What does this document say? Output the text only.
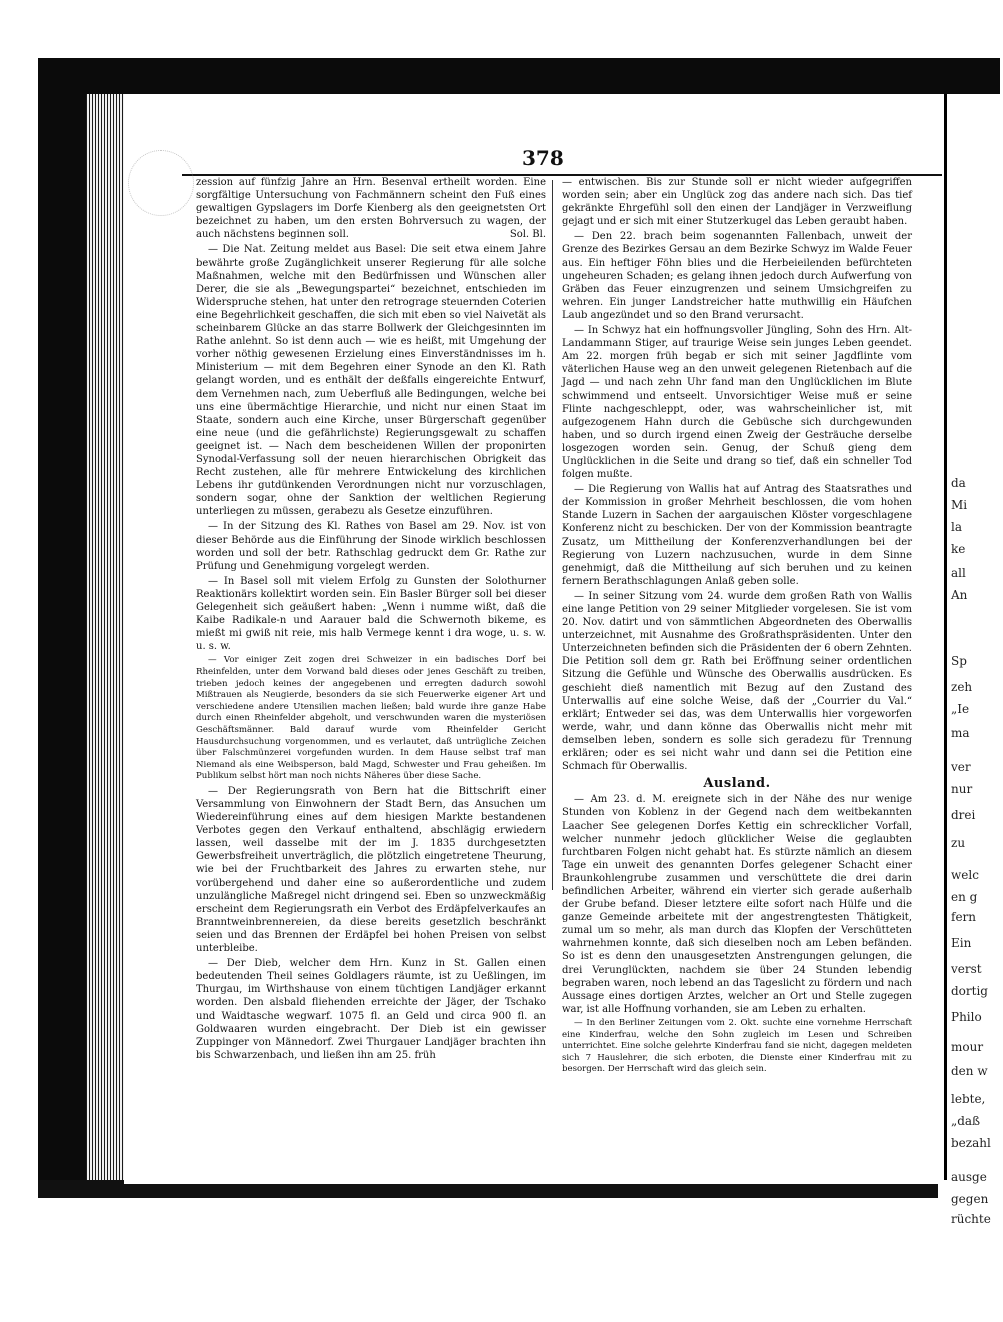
378

zession auf fünfzig Jahre an Hrn. Besenval ertheilt worden. Eine sorgfältige Untersuchung von Fachmännern scheint den Fuß eines gewaltigen Gypslagers im Dorfe Kienberg als den geeignetsten Ort bezeichnet zu haben, um den ersten Bohrversuch zu wagen, der auch nächstens beginnen soll.	Sol. Bl.

— Die Nat. Zeitung meldet aus Basel: Die seit etwa einem Jahre bewährte große Zugänglichkeit unserer Regierung für alle solche Maßnahmen, welche mit den Bedürfnissen und Wünschen aller Derer, die sie als „Bewegungspartei“ bezeichnet, entschieden im Widerspruche stehen, hat unter den retrograge steuernden Coterien eine Begehrlichkeit geschaffen, die sich mit eben so viel Naivetät als scheinbarem Glücke an das starre Bollwerk der Gleichgesinnten im Rathe anlehnt. So ist denn auch — wie es heißt, mit Umgehung der vorher nöthig gewesenen Erzielung eines Einverständnisses im h. Ministerium — mit dem Begehren einer Synode an den Kl. Rath gelangt worden, und es enthält der deßfalls eingereichte Entwurf, dem Vernehmen nach, zum Ueberfluß alle Bedingungen, welche bei uns eine übermächtige Hierarchie, und nicht nur einen Staat im Staate, sondern auch eine Kirche, unser Bürgerschaft gegenüber eine neue (und die gefährlichste) Regierungsgewalt zu schaffen geeignet ist. — Nach dem bescheidenen Willen der proponirten Synodal-Verfassung soll der neuen hierarchischen Obrigkeit das Recht zustehen, alle für mehrere Entwickelung des kirchlichen Lebens ihr gutdünkenden Verordnungen nicht nur vorzuschlagen, sondern sogar, ohne der Sanktion der weltlichen Regierung unterliegen zu müssen, gerabezu als Gesetze einzuführen.

— In der Sitzung des Kl. Rathes von Basel am 29. Nov. ist von dieser Behörde aus die Einführung der Sinode wirklich beschlossen worden und soll der betr. Rathschlag gedruckt dem Gr. Rathe zur Prüfung und Genehmigung vorgelegt werden.

— In Basel soll mit vielem Erfolg zu Gunsten der Solothurner Reaktionärs kollektirt worden sein. Ein Basler Bürger soll bei dieser Gelegenheit sich geäußert haben: „Wenn i numme wißt, daß die Kaibe Radikale-n und Aarauer bald die Schwernoth bikeme, es mießt mi gwiß nit reie, mis halb Vermege kennt i dra woge, u. s. w. u. s. w.

— Vor einiger Zeit zogen drei Schweizer in ein badisches Dorf bei Rheinfelden, unter dem Vorwand bald dieses oder jenes Geschäft zu treiben, trieben jedoch keines der angegebenen und erregten dadurch sowohl Mißtrauen als Neugierde, besonders da sie sich Feuerwerke eigener Art und verschiedene andere Utensilien machen ließen; bald wurde ihre ganze Habe durch einen Rheinfelder abgeholt, und verschwunden waren die mysteriösen Geschäftsmänner. Bald darauf wurde vom Rheinfelder Gericht Hausdurchsuchung vorgenommen, und es verlautet, daß untrügliche Zeichen über Falschmünzerei vorgefunden wurden. In dem Hause selbst traf man Niemand als eine Weibsperson, bald Magd, Schwester und Frau geheißen. Im Publikum selbst hört man noch nichts Näheres über diese Sache.

— Der Regierungsrath von Bern hat die Bittschrift einer Versammlung von Einwohnern der Stadt Bern, das Ansuchen um Wiedereinführung eines auf dem hiesigen Markte bestandenen Verbotes gegen den Verkauf enthaltend, abschlägig erwiedern lassen, weil dasselbe mit der im J. 1835 durchgesetzten Gewerbsfreiheit unverträglich, die plötzlich eingetretene Theurung, wie bei der Fruchtbarkeit des Jahres zu erwarten stehe, nur vorübergehend und daher eine so außerordentliche und zudem unzulängliche Maßregel nicht dringend sei. Eben so unzweckmäßig erscheint dem Regierungsrath ein Verbot des Erdäpfelverkaufes an Branntweinbrennereien, da diese bereits gesetzlich beschränkt seien und das Brennen der Erdäpfel bei hohen Preisen von selbst unterbleibe.

— Der Dieb, welcher dem Hrn. Kunz in St. Gallen einen bedeutenden Theil seines Goldlagers räumte, ist zu Ueßlingen, im Thurgau, im Wirthshause von einem tüchtigen Landjäger erkannt worden. Den alsbald fliehenden erreichte der Jäger, der Tschako und Waidtasche wegwarf. 1075 fl. an Geld und circa 900 fl. an Goldwaaren wurden eingebracht. Der Dieb ist ein gewisser Zuppinger von Männedorf. Zwei Thurgauer Landjäger brachten ihn bis Schwarzenbach, und ließen ihn am 25. früh

— entwischen. Bis zur Stunde soll er nicht wieder aufgegriffen worden sein; aber ein Unglück zog das andere nach sich. Das tief gekränkte Ehrgefühl soll den einen der Landjäger in Verzweiflung gejagt und er sich mit einer Stutzerkugel das Leben geraubt haben.

— Den 22. brach beim sogenannten Fallenbach, unweit der Grenze des Bezirkes Gersau an dem Bezirke Schwyz im Walde Feuer aus. Ein heftiger Föhn blies und die Herbeieilenden befürchteten ungeheuren Schaden; es gelang ihnen jedoch durch Aufwerfung von Gräben das Feuer einzugrenzen und seinem Umsichgreifen zu wehren. Ein junger Landstreicher hatte muthwillig ein Häufchen Laub angezündet und so den Brand verursacht.

— In Schwyz hat ein hoffnungsvoller Jüngling, Sohn des Hrn. Alt-Landammann Stiger, auf traurige Weise sein junges Leben geendet. Am 22. morgen früh begab er sich mit seiner Jagdflinte vom väterlichen Hause weg an den unweit gelegenen Rietenbach auf die Jagd — und nach zehn Uhr fand man den Unglücklichen im Blute schwimmend und entseelt. Unvorsichtiger Weise muß er seine Flinte nachgeschleppt, oder, was wahrscheinlicher ist, mit aufgezogenem Hahn durch die Gebüsche sich durchgewunden haben, und so durch irgend einen Zweig der Gesträuche derselbe losgezogen worden sein. Genug, der Schuß gieng dem Unglücklichen in die Seite und drang so tief, daß ein schneller Tod folgen mußte.

— Die Regierung von Wallis hat auf Antrag des Staatsrathes und der Kommission in großer Mehrheit beschlossen, die vom hohen Stande Luzern in Sachen der aargauischen Klöster vorgeschlagene Konferenz nicht zu beschicken. Der von der Kommission beantragte Zusatz, um Mittheilung der Konferenzverhandlungen bei der Regierung von Luzern nachzusuchen, wurde in dem Sinne genehmigt, daß die Mittheilung auf sich beruhen und zu keinen fernern Berathschlagungen Anlaß geben solle.

— In seiner Sitzung vom 24. wurde dem großen Rath von Wallis eine lange Petition von 29 seiner Mitglieder vorgelesen. Sie ist vom 20. Nov. datirt und von sämmtlichen Abgeordneten des Oberwallis unterzeichnet, mit Ausnahme des Großrathspräsidenten. Unter den Unterzeichneten befinden sich die Präsidenten der 6 obern Zehnten. Die Petition soll dem gr. Rath bei Eröffnung seiner ordentlichen Sitzung die Gefühle und Wünsche des Oberwallis ausdrücken. Es geschieht dieß namentlich mit Bezug auf den Zustand des Unterwallis auf eine solche Weise, daß der „Courrier du Val.“ erklärt; Entweder sei das, was dem Unterwallis hier vorgeworfen werde, wahr, und dann könne das Oberwallis nicht mehr mit demselben leben, sondern es solle sich geradezu für Trennung erklären; oder es sei nicht wahr und dann sei die Petition eine Schmach für Oberwallis.

Ausland.

— Am 23. d. M. ereignete sich in der Nähe des nur wenige Stunden von Koblenz in der Gegend nach dem weitbekannten Laacher See gelegenen Dorfes Kettig ein schrecklicher Vorfall, welcher nunmehr jedoch glücklicher Weise die geglaubten furchtbaren Folgen nicht gehabt hat. Es stürzte nämlich an diesem Tage ein unweit des genannten Dorfes gelegener Schacht einer Braunkohlengrube zusammen und verschüttete die drei darin befindlichen Arbeiter, während ein vierter sich gerade außerhalb der Grube befand. Dieser letztere eilte sofort nach Hülfe und die ganze Gemeinde arbeitete mit der angestrengtesten Thätigkeit, zumal um so mehr, als man durch das Klopfen der Verschütteten wahrnehmen konnte, daß sich dieselben noch am Leben befänden. So ist es denn den unausgesetzten Anstrengungen gelungen, die drei Verunglückten, nachdem sie über 24 Stunden lebendig begraben waren, noch lebend an das Tageslicht zu fördern und nach Aussage eines dortigen Arztes, welcher an Ort und Stelle zugegen war, ist alle Hoffnung vorhanden, sie am Leben zu erhalten.

— In den Berliner Zeitungen vom 2. Okt. suchte eine vornehme Herrschaft eine Kinderfrau, welche den Sohn zugleich im Lesen und Schreiben unterrichtet. Eine solche gelehrte Kinderfrau fand sie nicht, dagegen meldeten sich 7 Hauslehrer, die sich erboten, die Dienste einer Kinderfrau mit zu besorgen. Der Herrschaft wird das gleich sein.

da
Mi
la
ke
all
An
Sp
zeh
„Ie
ma
ver
nur
drei
zu
welc
en g
fern
Ein
verst
dortig
Philo
mour
den w
lebte,
„daß
bezahl
ausge
gegen
rüchte
